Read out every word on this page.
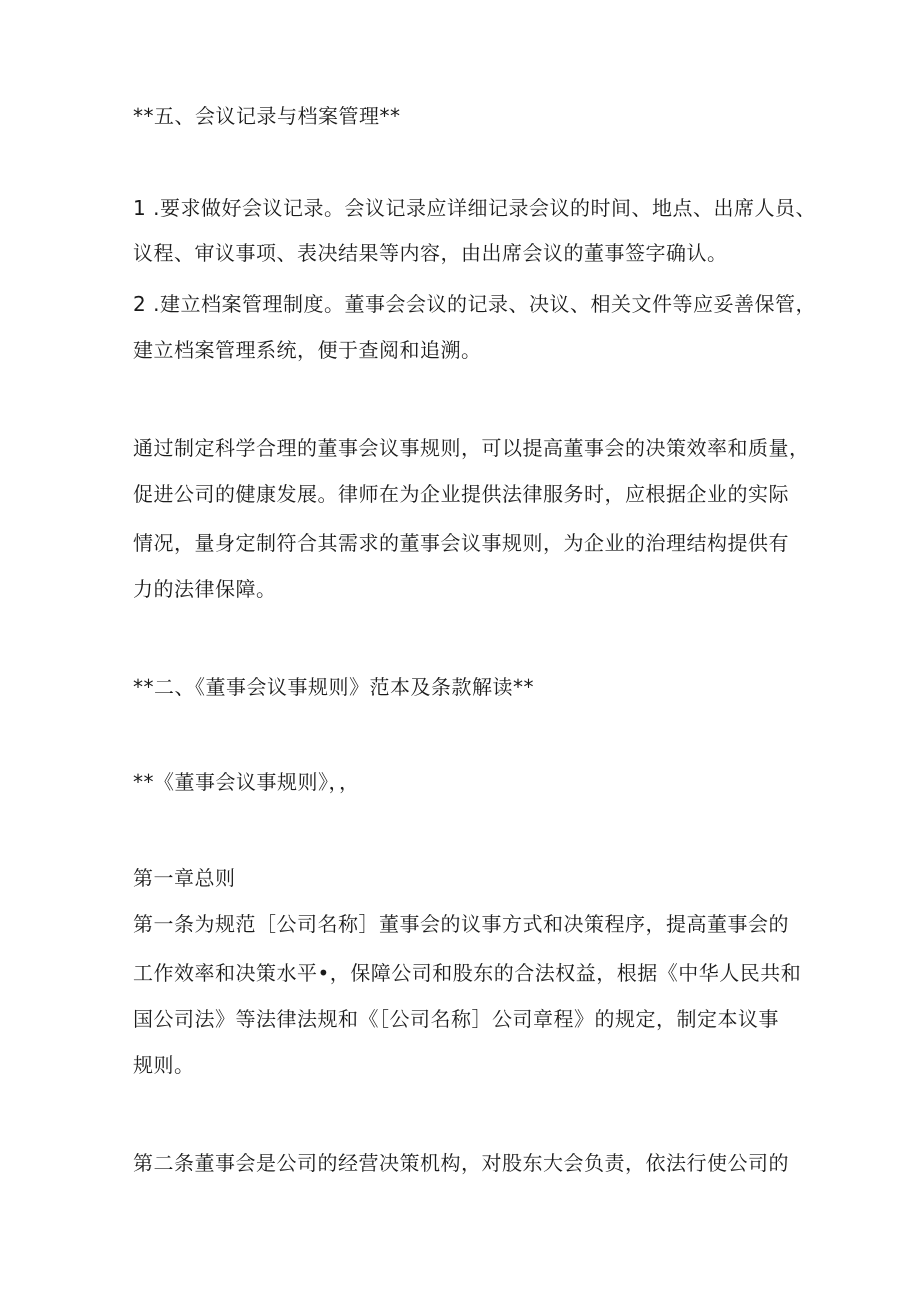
**五、会议记录与档案管理**
1 .要求做好会议记录。会议记录应详细记录会议的时间、地点、出席人员、
议程、审议事项、表决结果等内容，由出席会议的董事签字确认。
2 .建立档案管理制度。董事会会议的记录、决议、相关文件等应妥善保管，
建立档案管理系统，便于查阅和追溯。
通过制定科学合理的董事会议事规则，可以提高董事会的决策效率和质量，
促进公司的健康发展。律师在为企业提供法律服务时，应根据企业的实际
情况，量身定制符合其需求的董事会议事规则，为企业的治理结构提供有
力的法律保障。
**二、《董事会议事规则》范本及条款解读**
**《董事会议事规则》，，
第一章总则
第一条为规范［公司名称］董事会的议事方式和决策程序，提高董事会的
工作效率和决策水平•，保障公司和股东的合法权益，根据《中华人民共和
国公司法》等法律法规和《［公司名称］公司章程》的规定，制定本议事
规则。
第二条董事会是公司的经营决策机构，对股东大会负责，依法行使公司的
